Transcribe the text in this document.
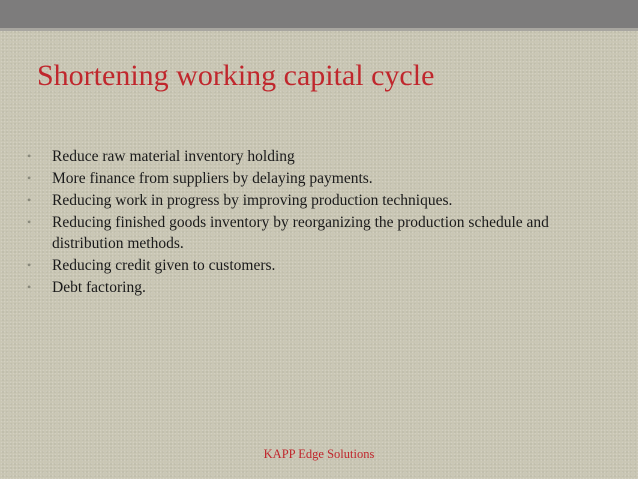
Shortening working capital cycle
• Reduce raw material inventory holding
• More finance from suppliers by delaying payments.
• Reducing work in progress by improving production techniques.
• Reducing finished goods inventory by reorganizing the production schedule and distribution methods.
• Reducing credit given to customers.
• Debt factoring.
KAPP Edge Solutions
